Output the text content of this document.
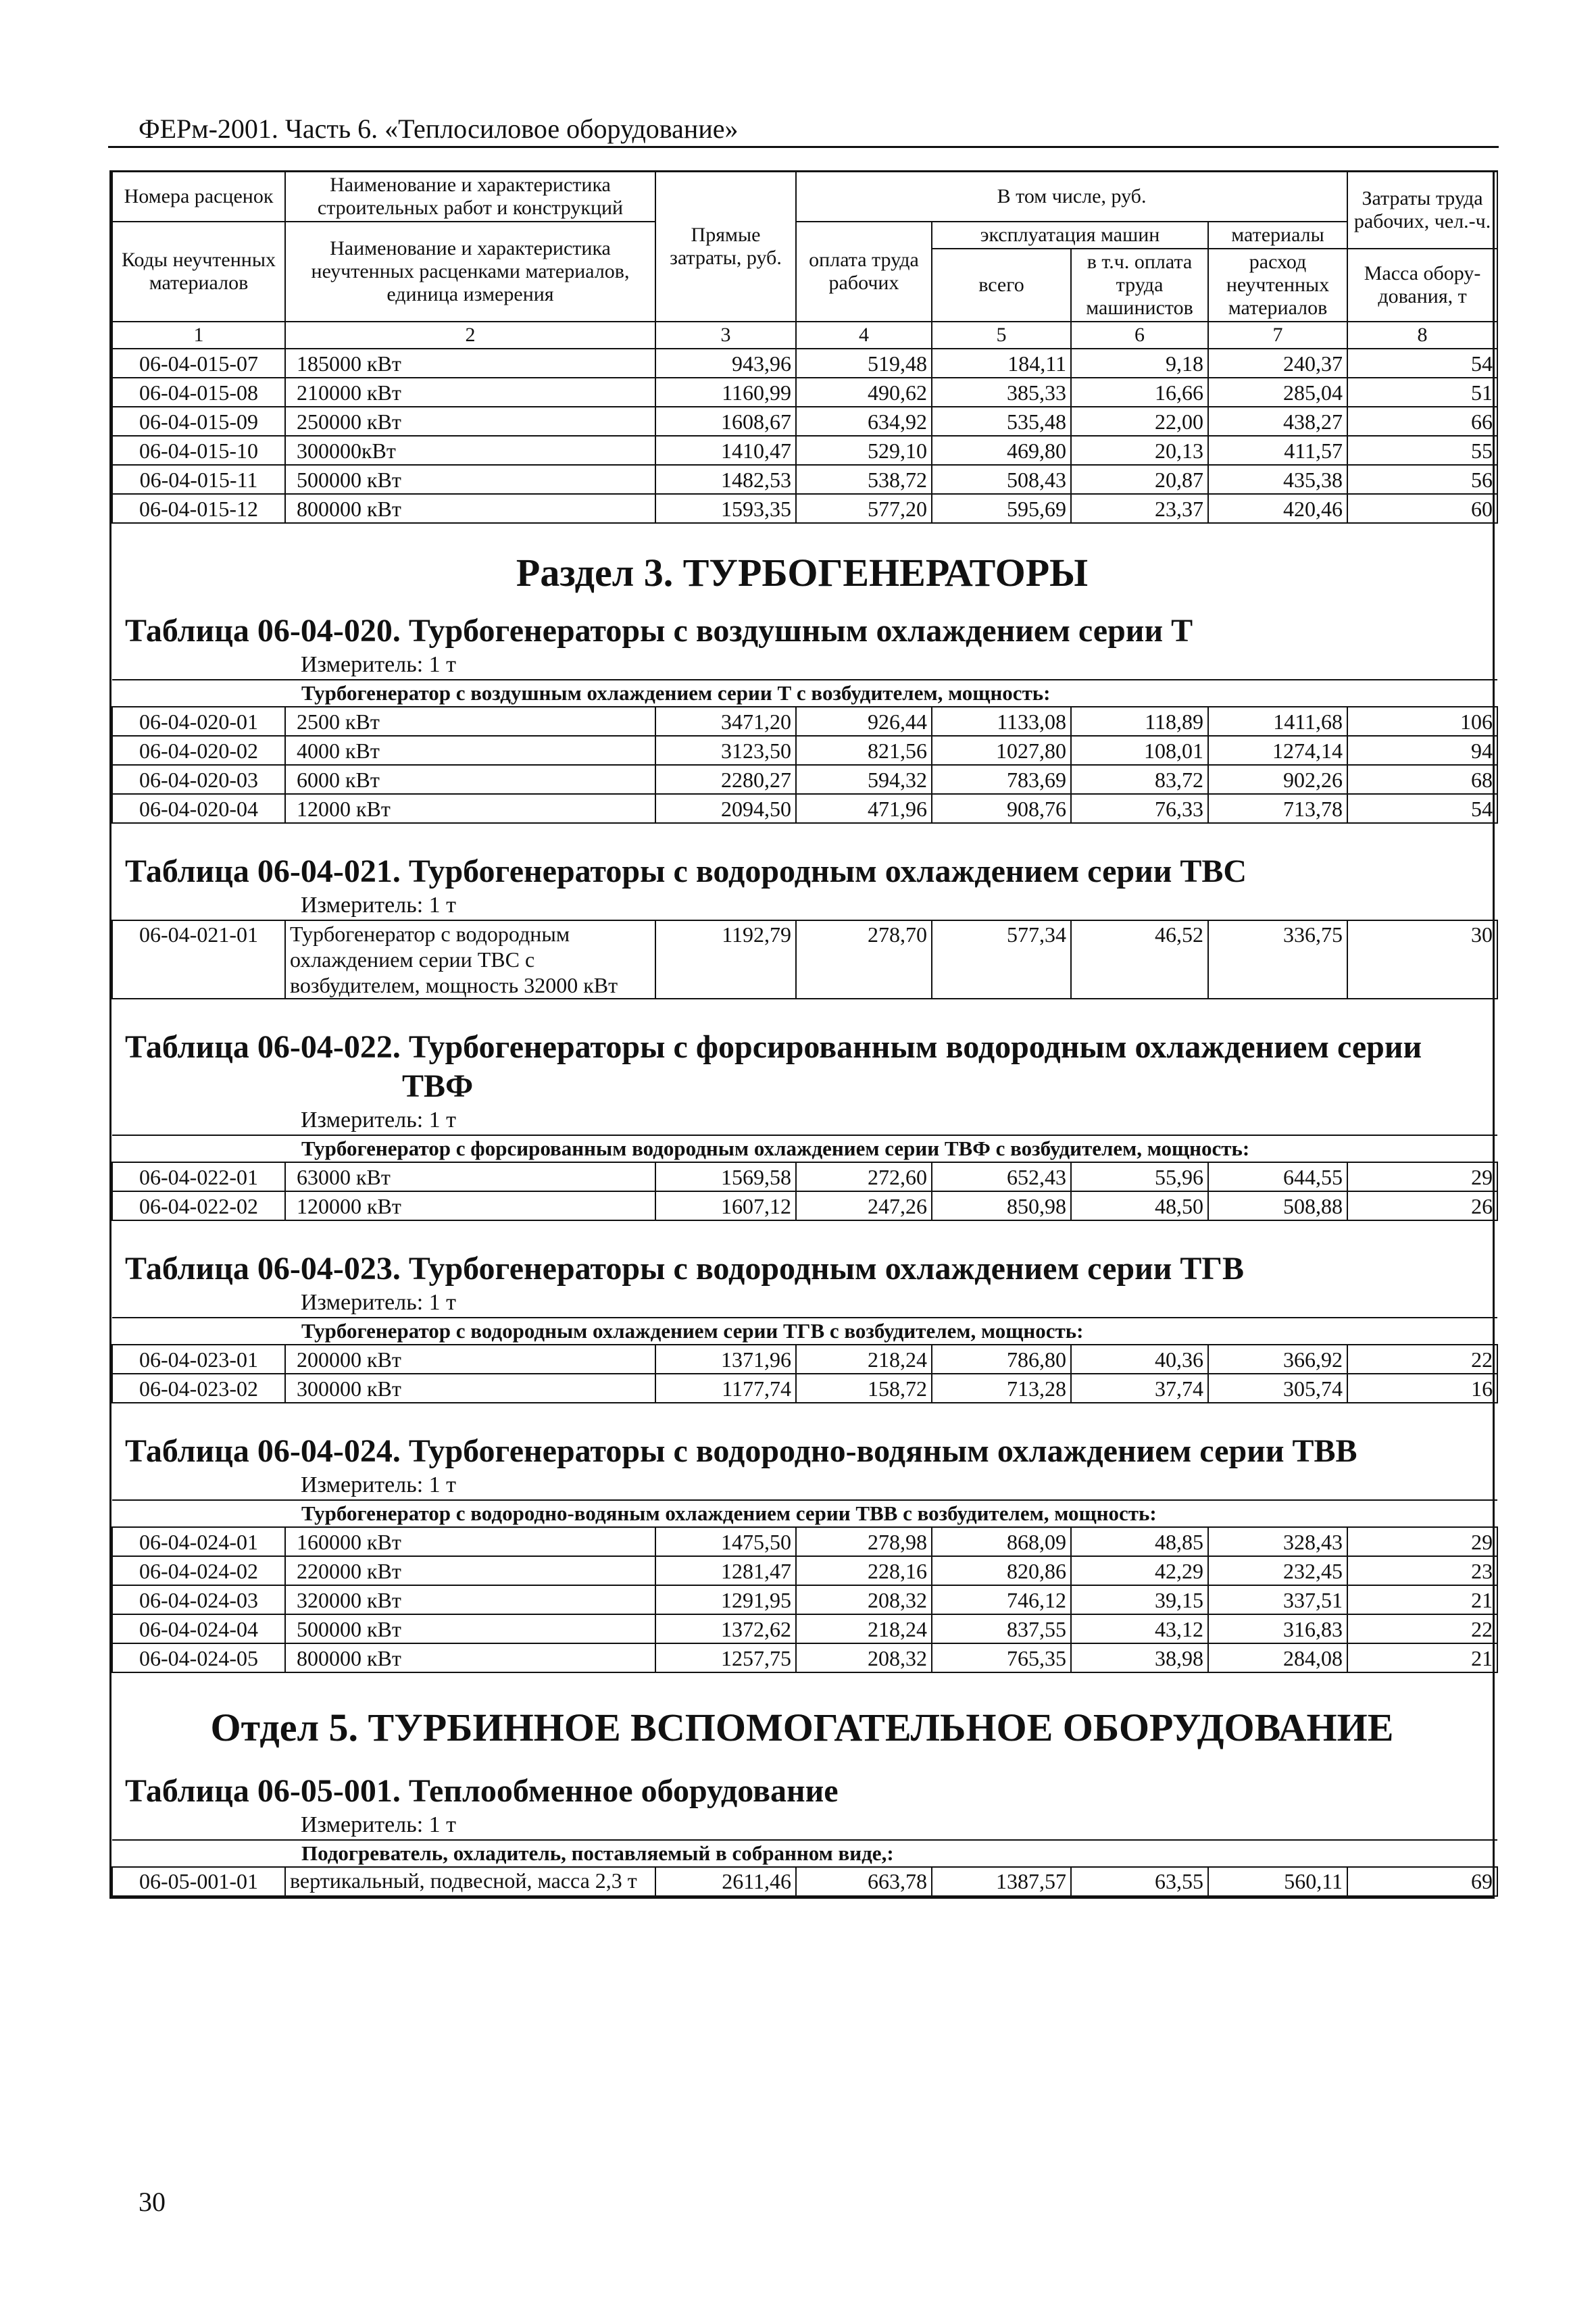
ФЕРм-2001. Часть 6. «Теплосиловое оборудование»
Номера расценок	Наименование и характеристика строительных работ и конструкций	Прямые затраты, руб.	В том числе, руб.				Затраты труда рабочих, чел.-ч.
Коды неучтенных материалов	Наименование и характеристика неучтенных расценками материалов, единица измерения		оплата труда рабочих	эксплуатация машин		материалы	
				всего	в т.ч. оплата труда машинистов	расход неучтенных материалов	Масса обору-дования, т
1	2	3	4	5	6	7	8
06-04-015-07	185000 кВт	943,96	519,48	184,11	9,18	240,37	54
06-04-015-08	210000 кВт	1160,99	490,62	385,33	16,66	285,04	51
06-04-015-09	250000 кВт	1608,67	634,92	535,48	22,00	438,27	66
06-04-015-10	300000кВт	1410,47	529,10	469,80	20,13	411,57	55
06-04-015-11	500000 кВт	1482,53	538,72	508,43	20,87	435,38	56
06-04-015-12	800000 кВт	1593,35	577,20	595,69	23,37	420,46	60

Раздел 3. ТУРБОГЕНЕРАТОРЫ

Таблица 06-04-020. Турбогенераторы с воздушным охлаждением серии Т

Измеритель: 1 т

Турбогенератор с воздушным охлаждением серии Т с возбудителем, мощность:							
06-04-020-01	2500 кВт	3471,20	926,44	1133,08	118,89	1411,68	106
06-04-020-02	4000 кВт	3123,50	821,56	1027,80	108,01	1274,14	94
06-04-020-03	6000 кВт	2280,27	594,32	783,69	83,72	902,26	68
06-04-020-04	12000 кВт	2094,50	471,96	908,76	76,33	713,78	54

Таблица 06-04-021. Турбогенераторы с водородным охлаждением серии ТВС

Измеритель: 1 т

06-04-021-01	Турбогенератор с водородным охлаждением серии ТВС с возбудителем, мощность 32000 кВт	1192,79	278,70	577,34	46,52	336,75	30

Таблица 06-04-022. Турбогенераторы с форсированным водородным охлаждением серии
ТВФ

Измеритель: 1 т

Турбогенератор с форсированным водородным охлаждением серии ТВФ с возбудителем, мощность:							
06-04-022-01	63000 кВт	1569,58	272,60	652,43	55,96	644,55	29
06-04-022-02	120000 кВт	1607,12	247,26	850,98	48,50	508,88	26

Таблица 06-04-023. Турбогенераторы с водородным охлаждением серии ТГВ

Измеритель: 1 т

Турбогенератор с водородным охлаждением серии ТГВ с возбудителем, мощность:							
06-04-023-01	200000 кВт	1371,96	218,24	786,80	40,36	366,92	22
06-04-023-02	300000 кВт	1177,74	158,72	713,28	37,74	305,74	16

Таблица 06-04-024. Турбогенераторы с водородно-водяным охлаждением серии ТВВ

Измеритель: 1 т

Турбогенератор с водородно-водяным охлаждением серии ТВВ с возбудителем, мощность:							
06-04-024-01	160000 кВт	1475,50	278,98	868,09	48,85	328,43	29
06-04-024-02	220000 кВт	1281,47	228,16	820,86	42,29	232,45	23
06-04-024-03	320000 кВт	1291,95	208,32	746,12	39,15	337,51	21
06-04-024-04	500000 кВт	1372,62	218,24	837,55	43,12	316,83	22
06-04-024-05	800000 кВт	1257,75	208,32	765,35	38,98	284,08	21

Отдел 5. ТУРБИННОЕ ВСПОМОГАТЕЛЬНОЕ ОБОРУДОВАНИЕ

Таблица 06-05-001. Теплообменное оборудование

Измеритель: 1 т

Подогреватель, охладитель, поставляемый в собранном виде,:
06-05-001-01	вертикальный, подвесной, масса 2,3 т	2611,46	663,78	1387,57	63,55	560,11	69
30
